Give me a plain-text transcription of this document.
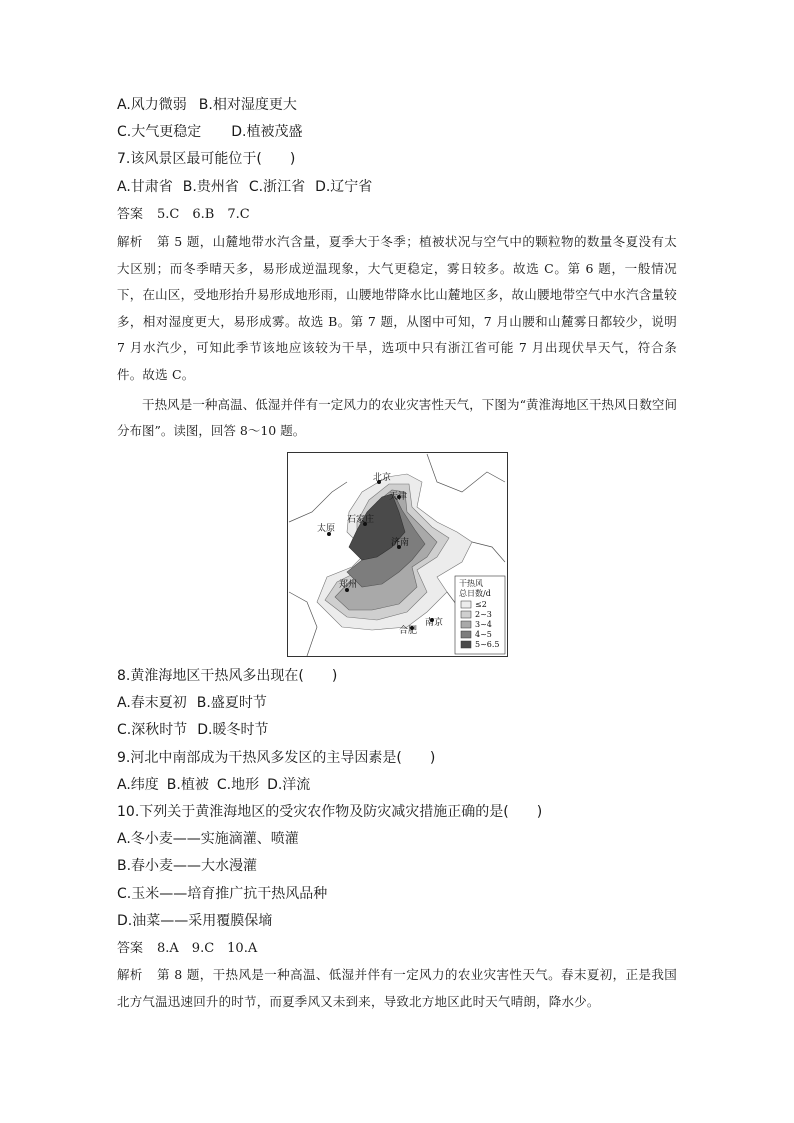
A.风力微弱 B.相对湿度更大
C.大气更稳定 D.植被茂盛
7.该风景区最可能位于(　　)
A.甘肃省 B.贵州省 C.浙江省 D.辽宁省
答案 5.C　6.B　7.C
解析 第 5 题，山麓地带水汽含量，夏季大于冬季；植被状况与空气中的颗粒物的数量冬夏没有太大区别；而冬季晴天多，易形成逆温现象，大气更稳定，雾日较多。故选 C。第 6 题，一般情况下，在山区，受地形抬升易形成地形雨，山腰地带降水比山麓地区多，故山腰地带空气中水汽含量较多，相对湿度更大，易形成雾。故选 B。第 7 题，从图中可知，7 月山腰和山麓雾日都较少，说明 7 月水汽少，可知此季节该地应该较为干旱，选项中只有浙江省可能 7 月出现伏旱天气，符合条件。故选 C。
干热风是一种高温、低湿并伴有一定风力的农业灾害性天气，下图为“黄淮海地区干热风日数空间分布图”。读图，回答 8～10 题。
北京
天津
太原
石家庄
济南
郑州
合肥
南京
干热风
总日数/d
≤2
2~3
3~4
4~5
5~6.5
8.黄淮海地区干热风多出现在(　　)
A.春末夏初 B.盛夏时节
C.深秋时节 D.暖冬时节
9.河北中南部成为干热风多发区的主导因素是(　　)
A.纬度 B.植被 C.地形 D.洋流
10.下列关于黄淮海地区的受灾农作物及防灾减灾措施正确的是(　　)
A.冬小麦——实施滴灌、喷灌
B.春小麦——大水漫灌
C.玉米——培育推广抗干热风品种
D.油菜——采用覆膜保墒
答案 8.A　9.C　10.A
解析 第 8 题，干热风是一种高温、低湿并伴有一定风力的农业灾害性天气。春末夏初，正是我国北方气温迅速回升的时节，而夏季风又未到来，导致北方地区此时天气晴朗，降水少。
